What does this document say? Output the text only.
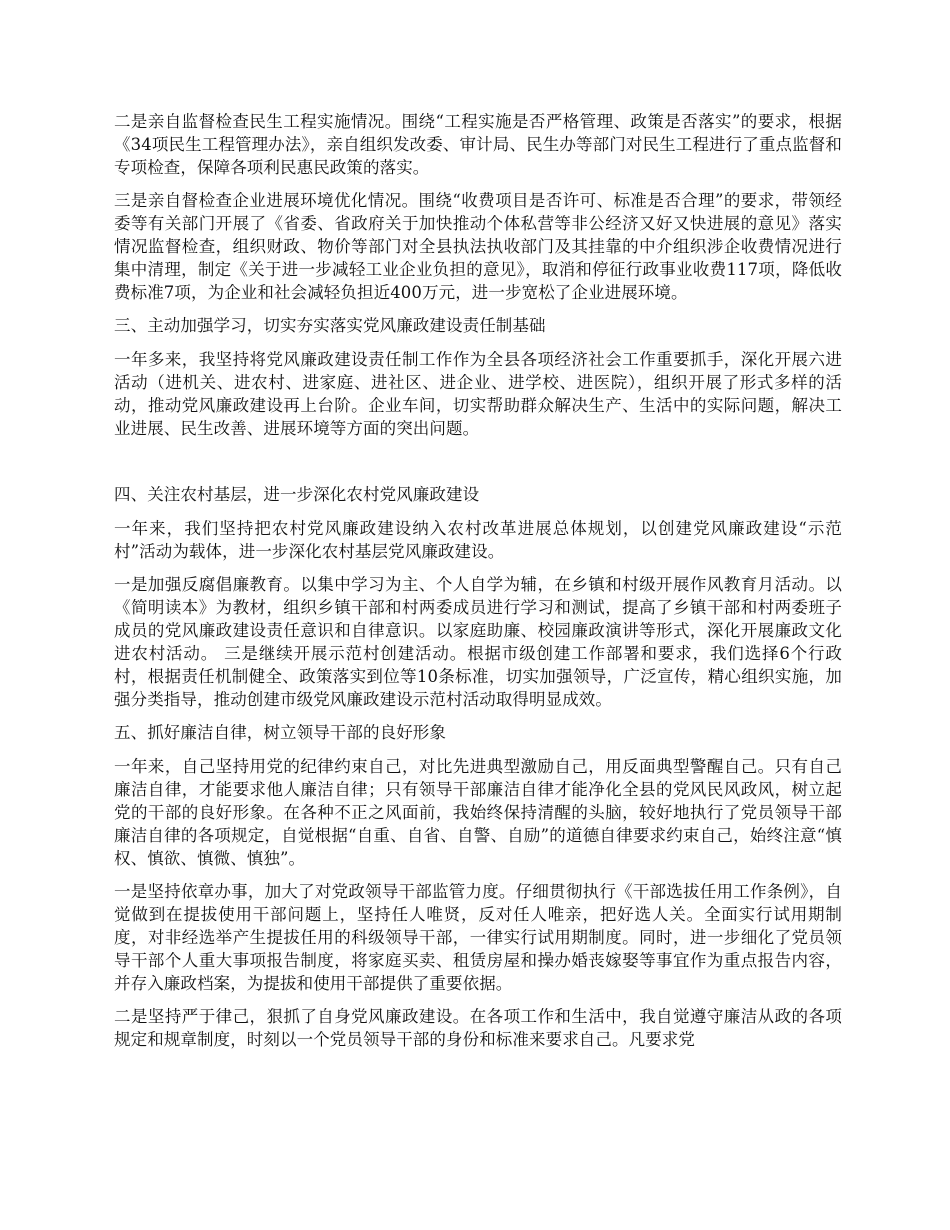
二是亲自监督检查民生工程实施情况。围绕“工程实施是否严格管理、政策是否落实”的要求，根据《34项民生工程管理办法》，亲自组织发改委、审计局、民生办等部门对民生工程进行了重点监督和专项检查，保障各项利民惠民政策的落实。

三是亲自督检查企业进展环境优化情况。围绕“收费项目是否许可、标准是否合理”的要求，带领经委等有关部门开展了《省委、省政府关于加快推动个体私营等非公经济又好又快进展的意见》落实情况监督检查，组织财政、物价等部门对全县执法执收部门及其挂靠的中介组织涉企收费情况进行集中清理，制定《关于进一步减轻工业企业负担的意见》，取消和停征行政事业收费117项，降低收费标准7项，为企业和社会减轻负担近400万元，进一步宽松了企业进展环境。

三、主动加强学习，切实夯实落实党风廉政建设责任制基础

一年多来，我坚持将党风廉政建设责任制工作作为全县各项经济社会工作重要抓手，深化开展六进活动（进机关、进农村、进家庭、进社区、进企业、进学校、进医院），组织开展了形式多样的活动，推动党风廉政建设再上台阶。企业车间，切实帮助群众解决生产、生活中的实际问题，解决工业进展、民生改善、进展环境等方面的突出问题。

四、关注农村基层，进一步深化农村党风廉政建设

一年来，我们坚持把农村党风廉政建设纳入农村改革进展总体规划，以创建党风廉政建设“示范村”活动为载体，进一步深化农村基层党风廉政建设。

一是加强反腐倡廉教育。以集中学习为主、个人自学为辅，在乡镇和村级开展作风教育月活动。以《简明读本》为教材，组织乡镇干部和村两委成员进行学习和测试，提高了乡镇干部和村两委班子成员的党风廉政建设责任意识和自律意识。以家庭助廉、校园廉政演讲等形式，深化开展廉政文化进农村活动。 三是继续开展示范村创建活动。根据市级创建工作部署和要求，我们选择6个行政村，根据责任机制健全、政策落实到位等10条标准，切实加强领导，广泛宣传，精心组织实施，加强分类指导，推动创建市级党风廉政建设示范村活动取得明显成效。

五、抓好廉洁自律，树立领导干部的良好形象

一年来，自己坚持用党的纪律约束自己，对比先进典型激励自己，用反面典型警醒自己。只有自己廉洁自律，才能要求他人廉洁自律；只有领导干部廉洁自律才能净化全县的党风民风政风，树立起党的干部的良好形象。在各种不正之风面前，我始终保持清醒的头脑，较好地执行了党员领导干部廉洁自律的各项规定，自觉根据“自重、自省、自警、自励”的道德自律要求约束自己，始终注意“慎权、慎欲、慎微、慎独”。

一是坚持依章办事，加大了对党政领导干部监管力度。仔细贯彻执行《干部选拔任用工作条例》，自觉做到在提拔使用干部问题上，坚持任人唯贤，反对任人唯亲，把好选人关。全面实行试用期制度，对非经选举产生提拔任用的科级领导干部，一律实行试用期制度。同时，进一步细化了党员领导干部个人重大事项报告制度，将家庭买卖、租赁房屋和操办婚丧嫁娶等事宜作为重点报告内容，并存入廉政档案，为提拔和使用干部提供了重要依据。

二是坚持严于律己，狠抓了自身党风廉政建设。在各项工作和生活中，我自觉遵守廉洁从政的各项规定和规章制度，时刻以一个党员领导干部的身份和标准来要求自己。凡要求党
